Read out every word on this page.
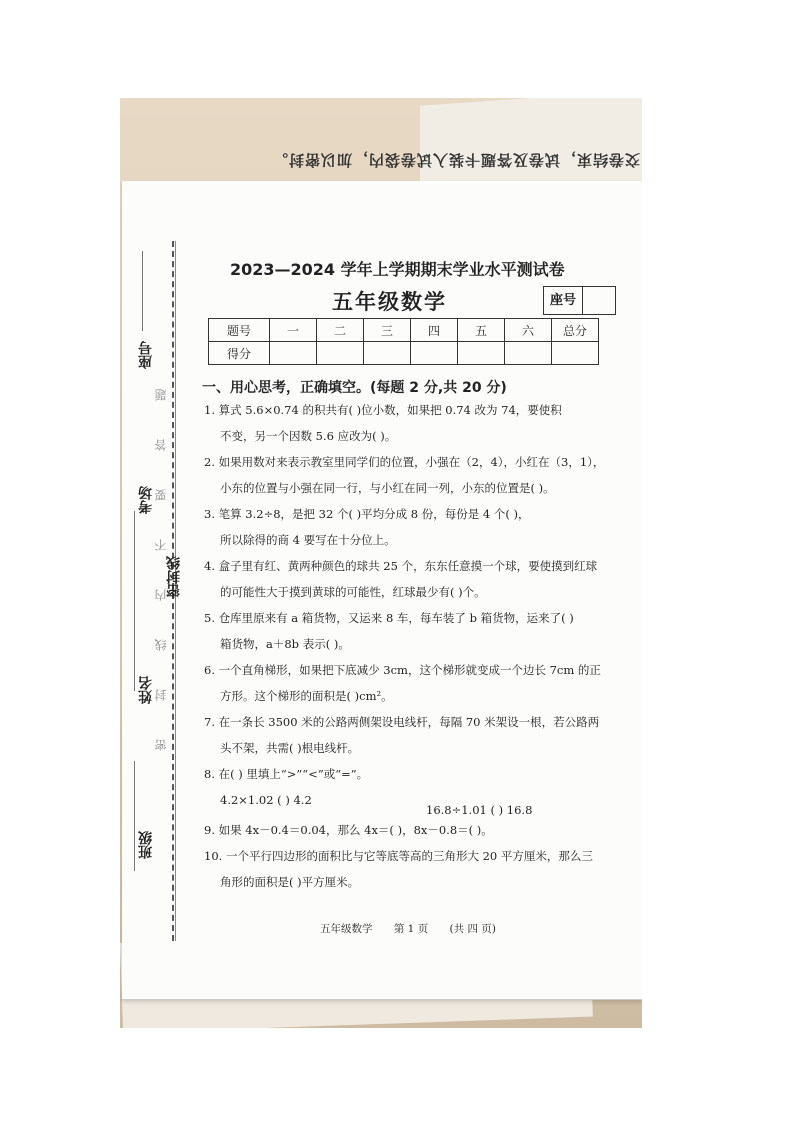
交卷结束，试卷及答题卡装入试卷袋内，加以密封。
密封线内不要答题
座号
考场
密封线
姓名
班级
2023—2024 学年上学期期末学业水平测试卷
五年级数学	座号
题号	一	二	三	四	五	六	总分
得分							
一、用心思考，正确填空。(每题 2 分,共 20 分)
1. 算式 5.6×0.74 的积共有( )位小数，如果把 0.74 改为 74，要使积
不变，另一个因数 5.6 应改为( )。
2. 如果用数对来表示教室里同学们的位置，小强在（2，4），小红在（3，1），
小东的位置与小强在同一行，与小红在同一列，小东的位置是( )。
3. 笔算 3.2÷8，是把 32 个( )平均分成 8 份，每份是 4 个( )，
所以除得的商 4 要写在十分位上。
4. 盒子里有红、黄两种颜色的球共 25 个，东东任意摸一个球，要使摸到红球
的可能性大于摸到黄球的可能性，红球最少有( )个。
5. 仓库里原来有 a 箱货物，又运来 8 车，每车装了 b 箱货物，运来了( )
箱货物，a＋8b 表示( )。
6. 一个直角梯形，如果把下底减少 3cm，这个梯形就变成一个边长 7cm 的正
方形。这个梯形的面积是( )cm²。
7. 在一条长 3500 米的公路两侧架设电线杆，每隔 70 米架设一根，若公路两
头不架，共需( )根电线杆。
8. 在( ) 里填上“>”“<”或“=”。
4.2×1.02 ( ) 4.2
16.8÷1.01 ( ) 16.8
9. 如果 4x－0.4＝0.04，那么 4x＝( )，8x－0.8＝( )。
10. 一个平行四边形的面积比与它等底等高的三角形大 20 平方厘米，那么三
角形的面积是( )平方厘米。
五年级数学 第 1 页 (共 四 页)
